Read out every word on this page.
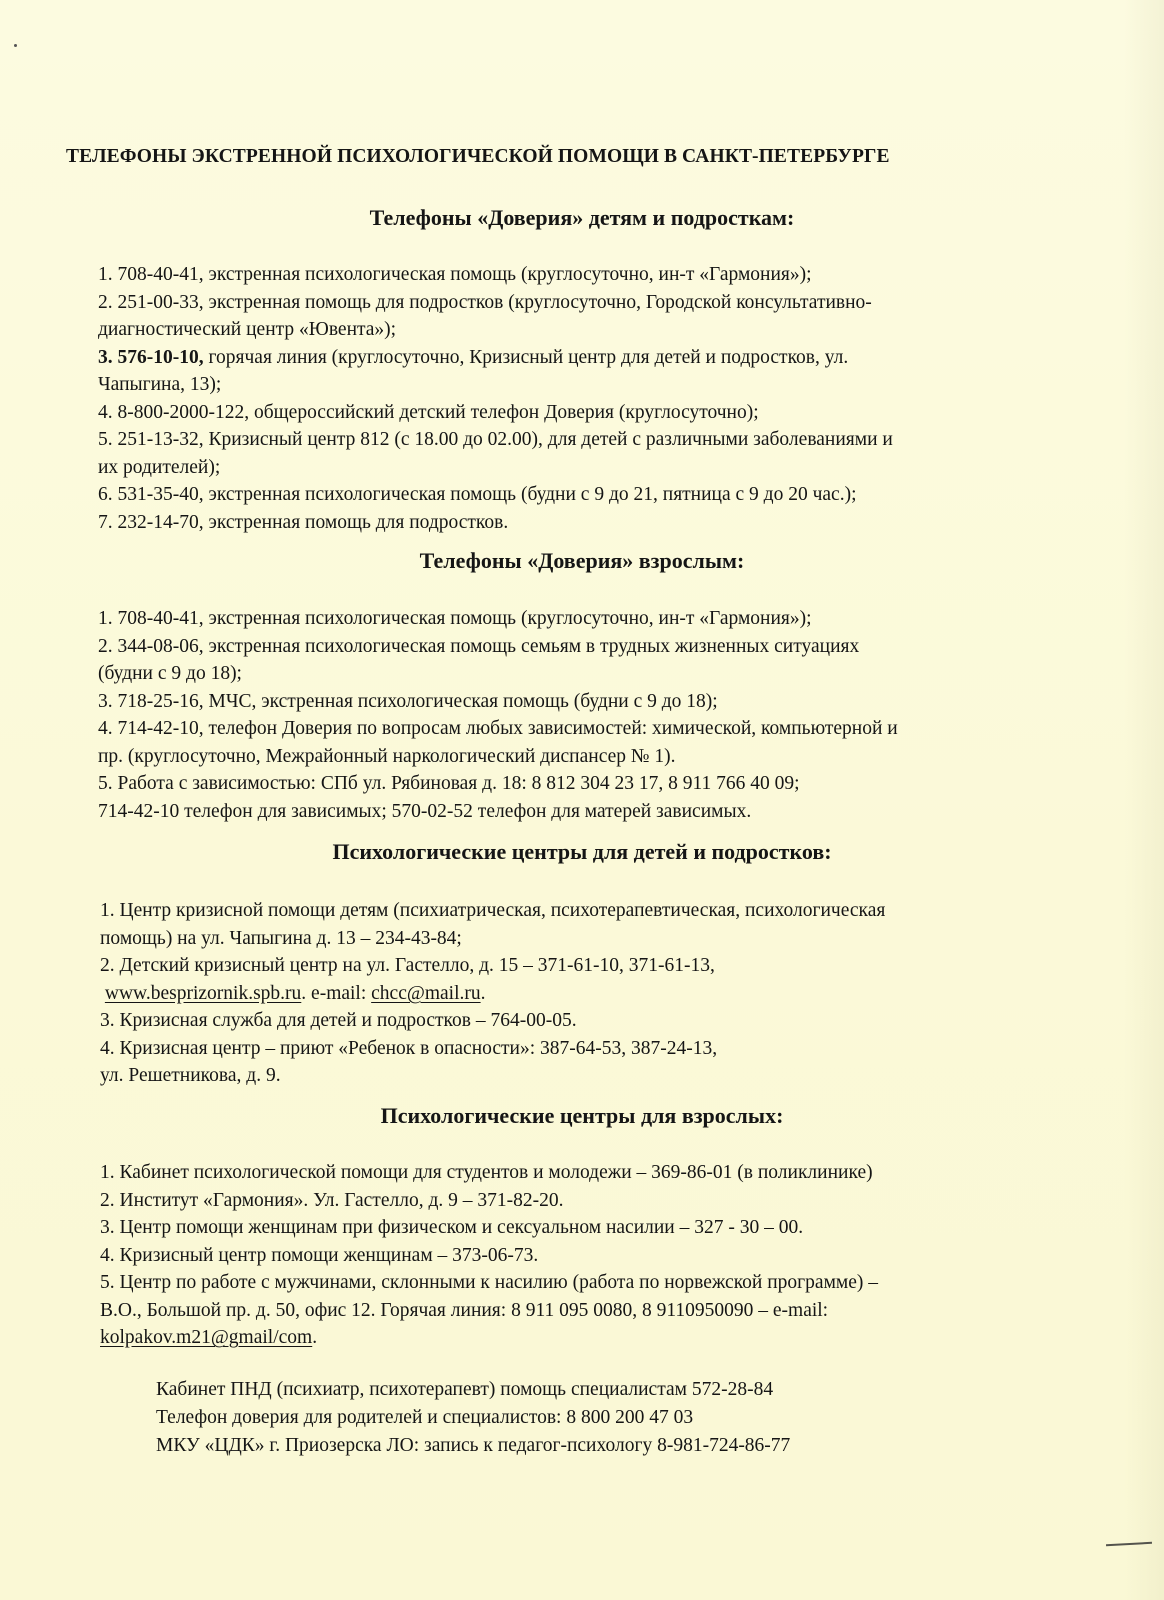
ТЕЛЕФОНЫ ЭКСТРЕННОЙ ПСИХОЛОГИЧЕСКОЙ ПОМОЩИ В САНКТ-ПЕТЕРБУРГЕ
Телефоны «Доверия» детям и подросткам:
1. 708-40-41, экстренная психологическая помощь (круглосуточно, ин-т «Гармония»);
2. 251-00-33, экстренная помощь для подростков (круглосуточно, Городской консультативно-
диагностический центр «Ювента»);
3. 576-10-10, горячая линия (круглосуточно, Кризисный центр для детей и подростков, ул.
Чапыгина, 13);
4. 8-800-2000-122, общероссийский детский телефон Доверия (круглосуточно);
5. 251-13-32, Кризисный центр 812 (с 18.00 до 02.00), для детей с различными заболеваниями и
их родителей);
6. 531-35-40, экстренная психологическая помощь (будни с 9 до 21, пятница с 9 до 20 час.);
7. 232-14-70, экстренная помощь для подростков.
Телефоны «Доверия» взрослым:
1. 708-40-41, экстренная психологическая помощь (круглосуточно, ин-т «Гармония»);
2. 344-08-06, экстренная психологическая помощь семьям в трудных жизненных ситуациях
(будни с 9 до 18);
3. 718-25-16, МЧС, экстренная психологическая помощь (будни с 9 до 18);
4. 714-42-10, телефон Доверия по вопросам любых зависимостей: химической, компьютерной и
пр. (круглосуточно, Межрайонный наркологический диспансер № 1).
5. Работа с зависимостью: СПб ул. Рябиновая д. 18: 8 812 304 23 17, 8 911 766 40 09;
714-42-10 телефон для зависимых; 570-02-52 телефон для матерей зависимых.
Психологические центры для детей и подростков:
1. Центр кризисной помощи детям (психиатрическая, психотерапевтическая, психологическая
помощь) на ул. Чапыгина д. 13 – 234-43-84;
2. Детский кризисный центр на ул. Гастелло, д. 15 – 371-61-10, 371-61-13,
www.besprizornik.spb.ru. e-mail: chcc@mail.ru.
3. Кризисная служба для детей и подростков – 764-00-05.
4. Кризисная центр – приют «Ребенок в опасности»: 387-64-53, 387-24-13,
ул. Решетникова, д. 9.
Психологические центры для взрослых:
1. Кабинет психологической помощи для студентов и молодежи – 369-86-01 (в поликлинике)
2. Институт «Гармония». Ул. Гастелло, д. 9 – 371-82-20.
3. Центр помощи женщинам при физическом и сексуальном насилии – 327 - 30 – 00.
4. Кризисный центр помощи женщинам – 373-06-73.
5. Центр по работе с мужчинами, склонными к насилию (работа по норвежской программе) –
В.О., Большой пр. д. 50, офис 12. Горячая линия: 8 911 095 0080, 8 9110950090 – e-mail:
kolpakov.m21@gmail/com.
Кабинет ПНД (психиатр, психотерапевт) помощь специалистам 572-28-84
Телефон доверия для родителей и специалистов: 8 800 200 47 03
МКУ «ЦДК» г. Приозерска ЛО: запись к педагог-психологу 8-981-724-86-77
